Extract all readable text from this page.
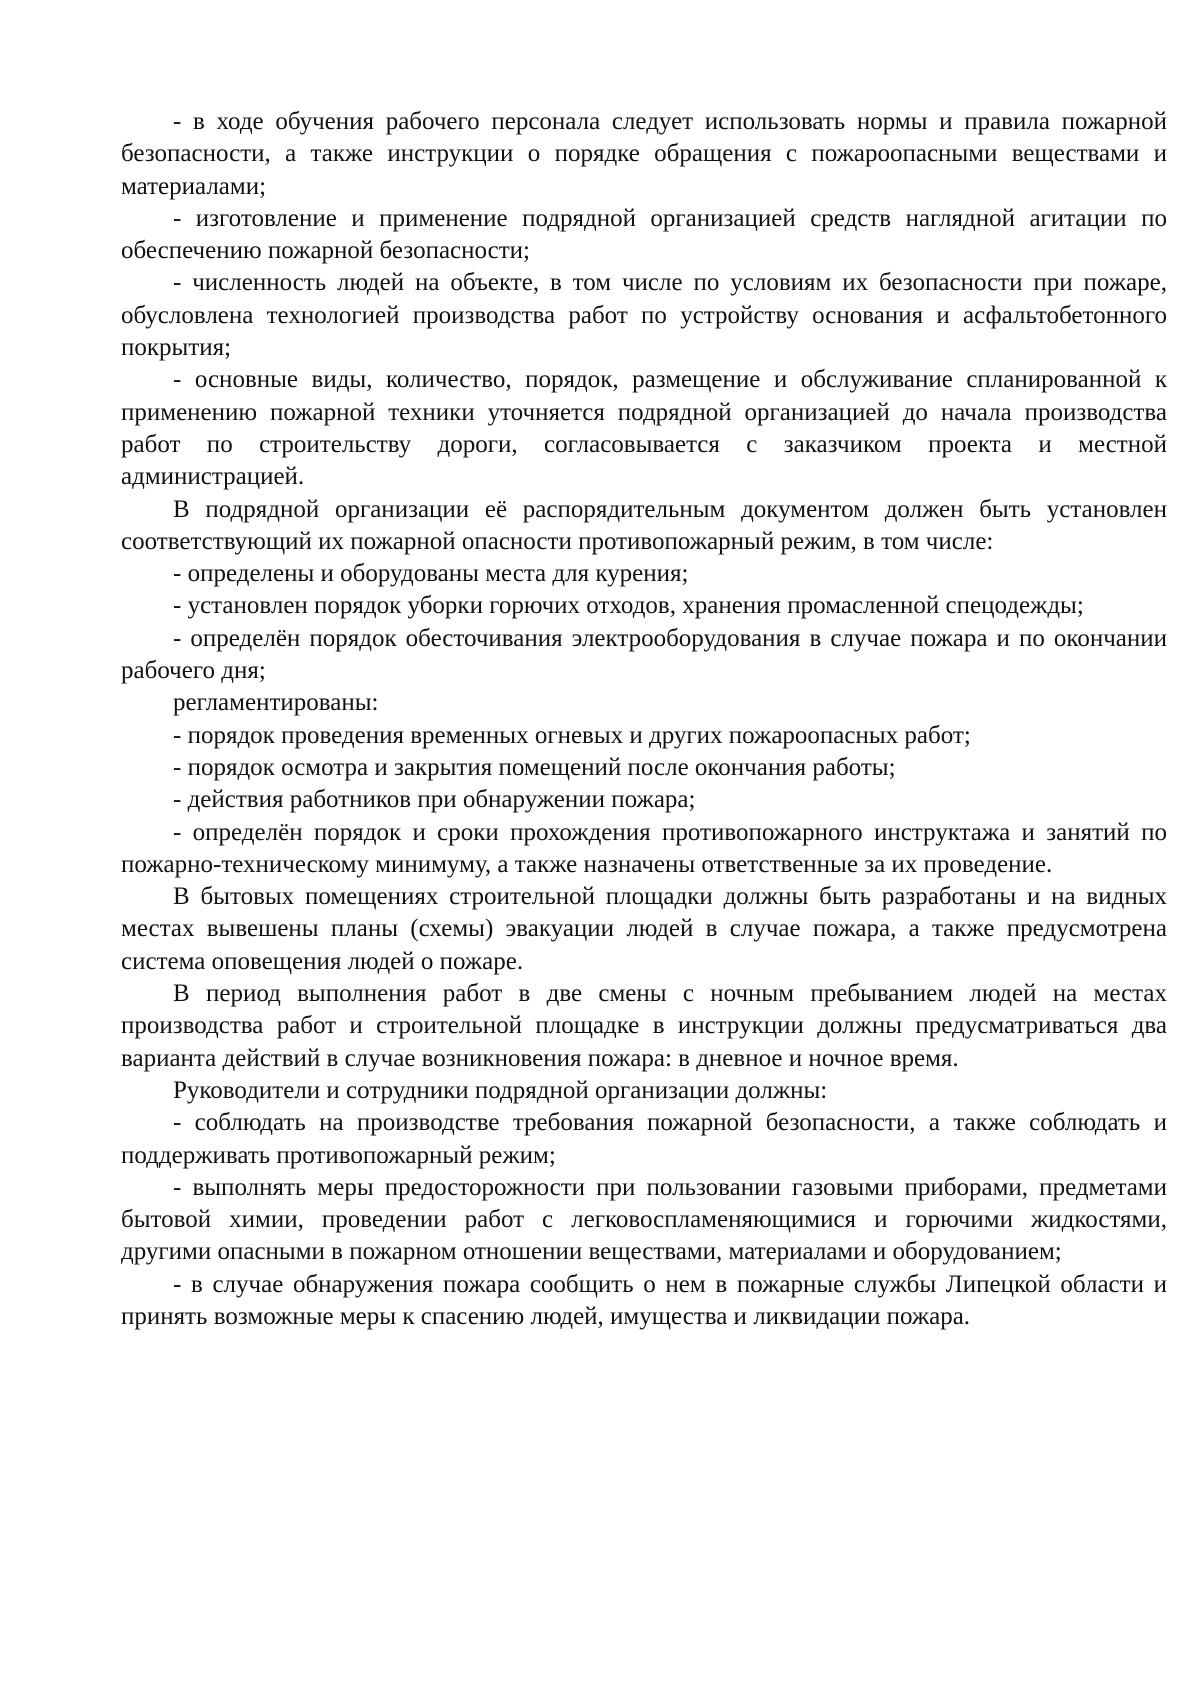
- в ходе обучения рабочего персонала следует использовать нормы и правила пожарной безопасности, а также инструкции о порядке обращения с пожароопасными веществами и материалами;

- изготовление и применение подрядной организацией средств наглядной агитации по обеспечению пожарной безопасности;

- численность людей на объекте, в том числе по условиям их безопасности при пожаре, обусловлена технологией производства работ по устройству основания и асфальтобетонного покрытия;

- основные виды, количество, порядок, размещение и обслуживание спланированной к применению пожарной техники уточняется подрядной организацией до начала производства работ по строительству дороги, согласовывается с заказчиком проекта и местной администрацией.

В подрядной организации её распорядительным документом должен быть установлен соответствующий их пожарной опасности противопожарный режим, в том числе:

- определены и оборудованы места для курения;

- установлен порядок уборки горючих отходов, хранения промасленной спецодежды;

- определён порядок обесточивания электрооборудования в случае пожара и по окончании рабочего дня;

регламентированы:

- порядок проведения временных огневых и других пожароопасных работ;

- порядок осмотра и закрытия помещений после окончания работы;

- действия работников при обнаружении пожара;

- определён порядок и сроки прохождения противопожарного инструктажа и занятий по пожарно-техническому минимуму, а также назначены ответственные за их проведение.

В бытовых помещениях строительной площадки должны быть разработаны и на видных местах вывешены планы (схемы) эвакуации людей в случае пожара, а также предусмотрена система оповещения людей о пожаре.

В период выполнения работ в две смены с ночным пребыванием людей на местах производства работ и строительной площадке в инструкции должны предусматриваться два варианта действий в случае возникновения пожара: в дневное и ночное время.

Руководители и сотрудники подрядной организации должны:

- соблюдать на производстве требования пожарной безопасности, а также соблюдать и поддерживать противопожарный режим;

- выполнять меры предосторожности при пользовании газовыми приборами, предметами бытовой химии, проведении работ с легковоспламеняющимися и горючими жидкостями, другими опасными в пожарном отношении веществами, материалами и оборудованием;

- в случае обнаружения пожара сообщить о нем в пожарные службы Липецкой области и принять возможные меры к спасению людей, имущества и ликвидации пожара.
